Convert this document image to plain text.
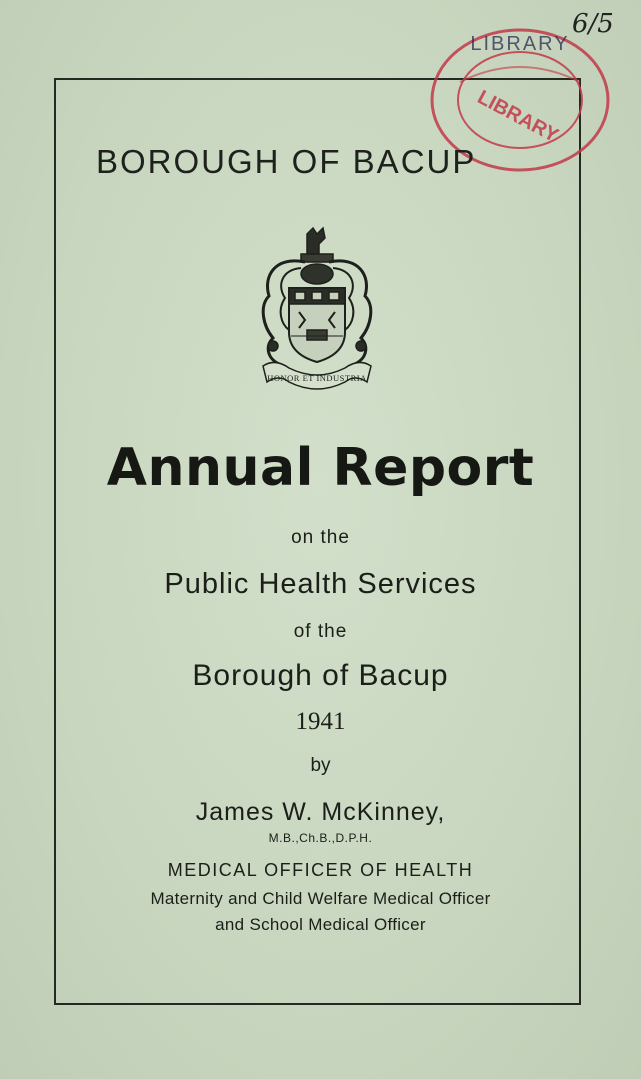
LIBRARY
LIBRARY
6/5
BOROUGH OF BACUP
HONOR ET INDUSTRIA
Annual Report
on the
Public Health Services
of the
Borough of Bacup
1941
by
James W. McKinney,
M.B.,Ch.B.,D.P.H.
MEDICAL OFFICER OF HEALTH
Maternity and Child Welfare Medical Officer
and School Medical Officer
